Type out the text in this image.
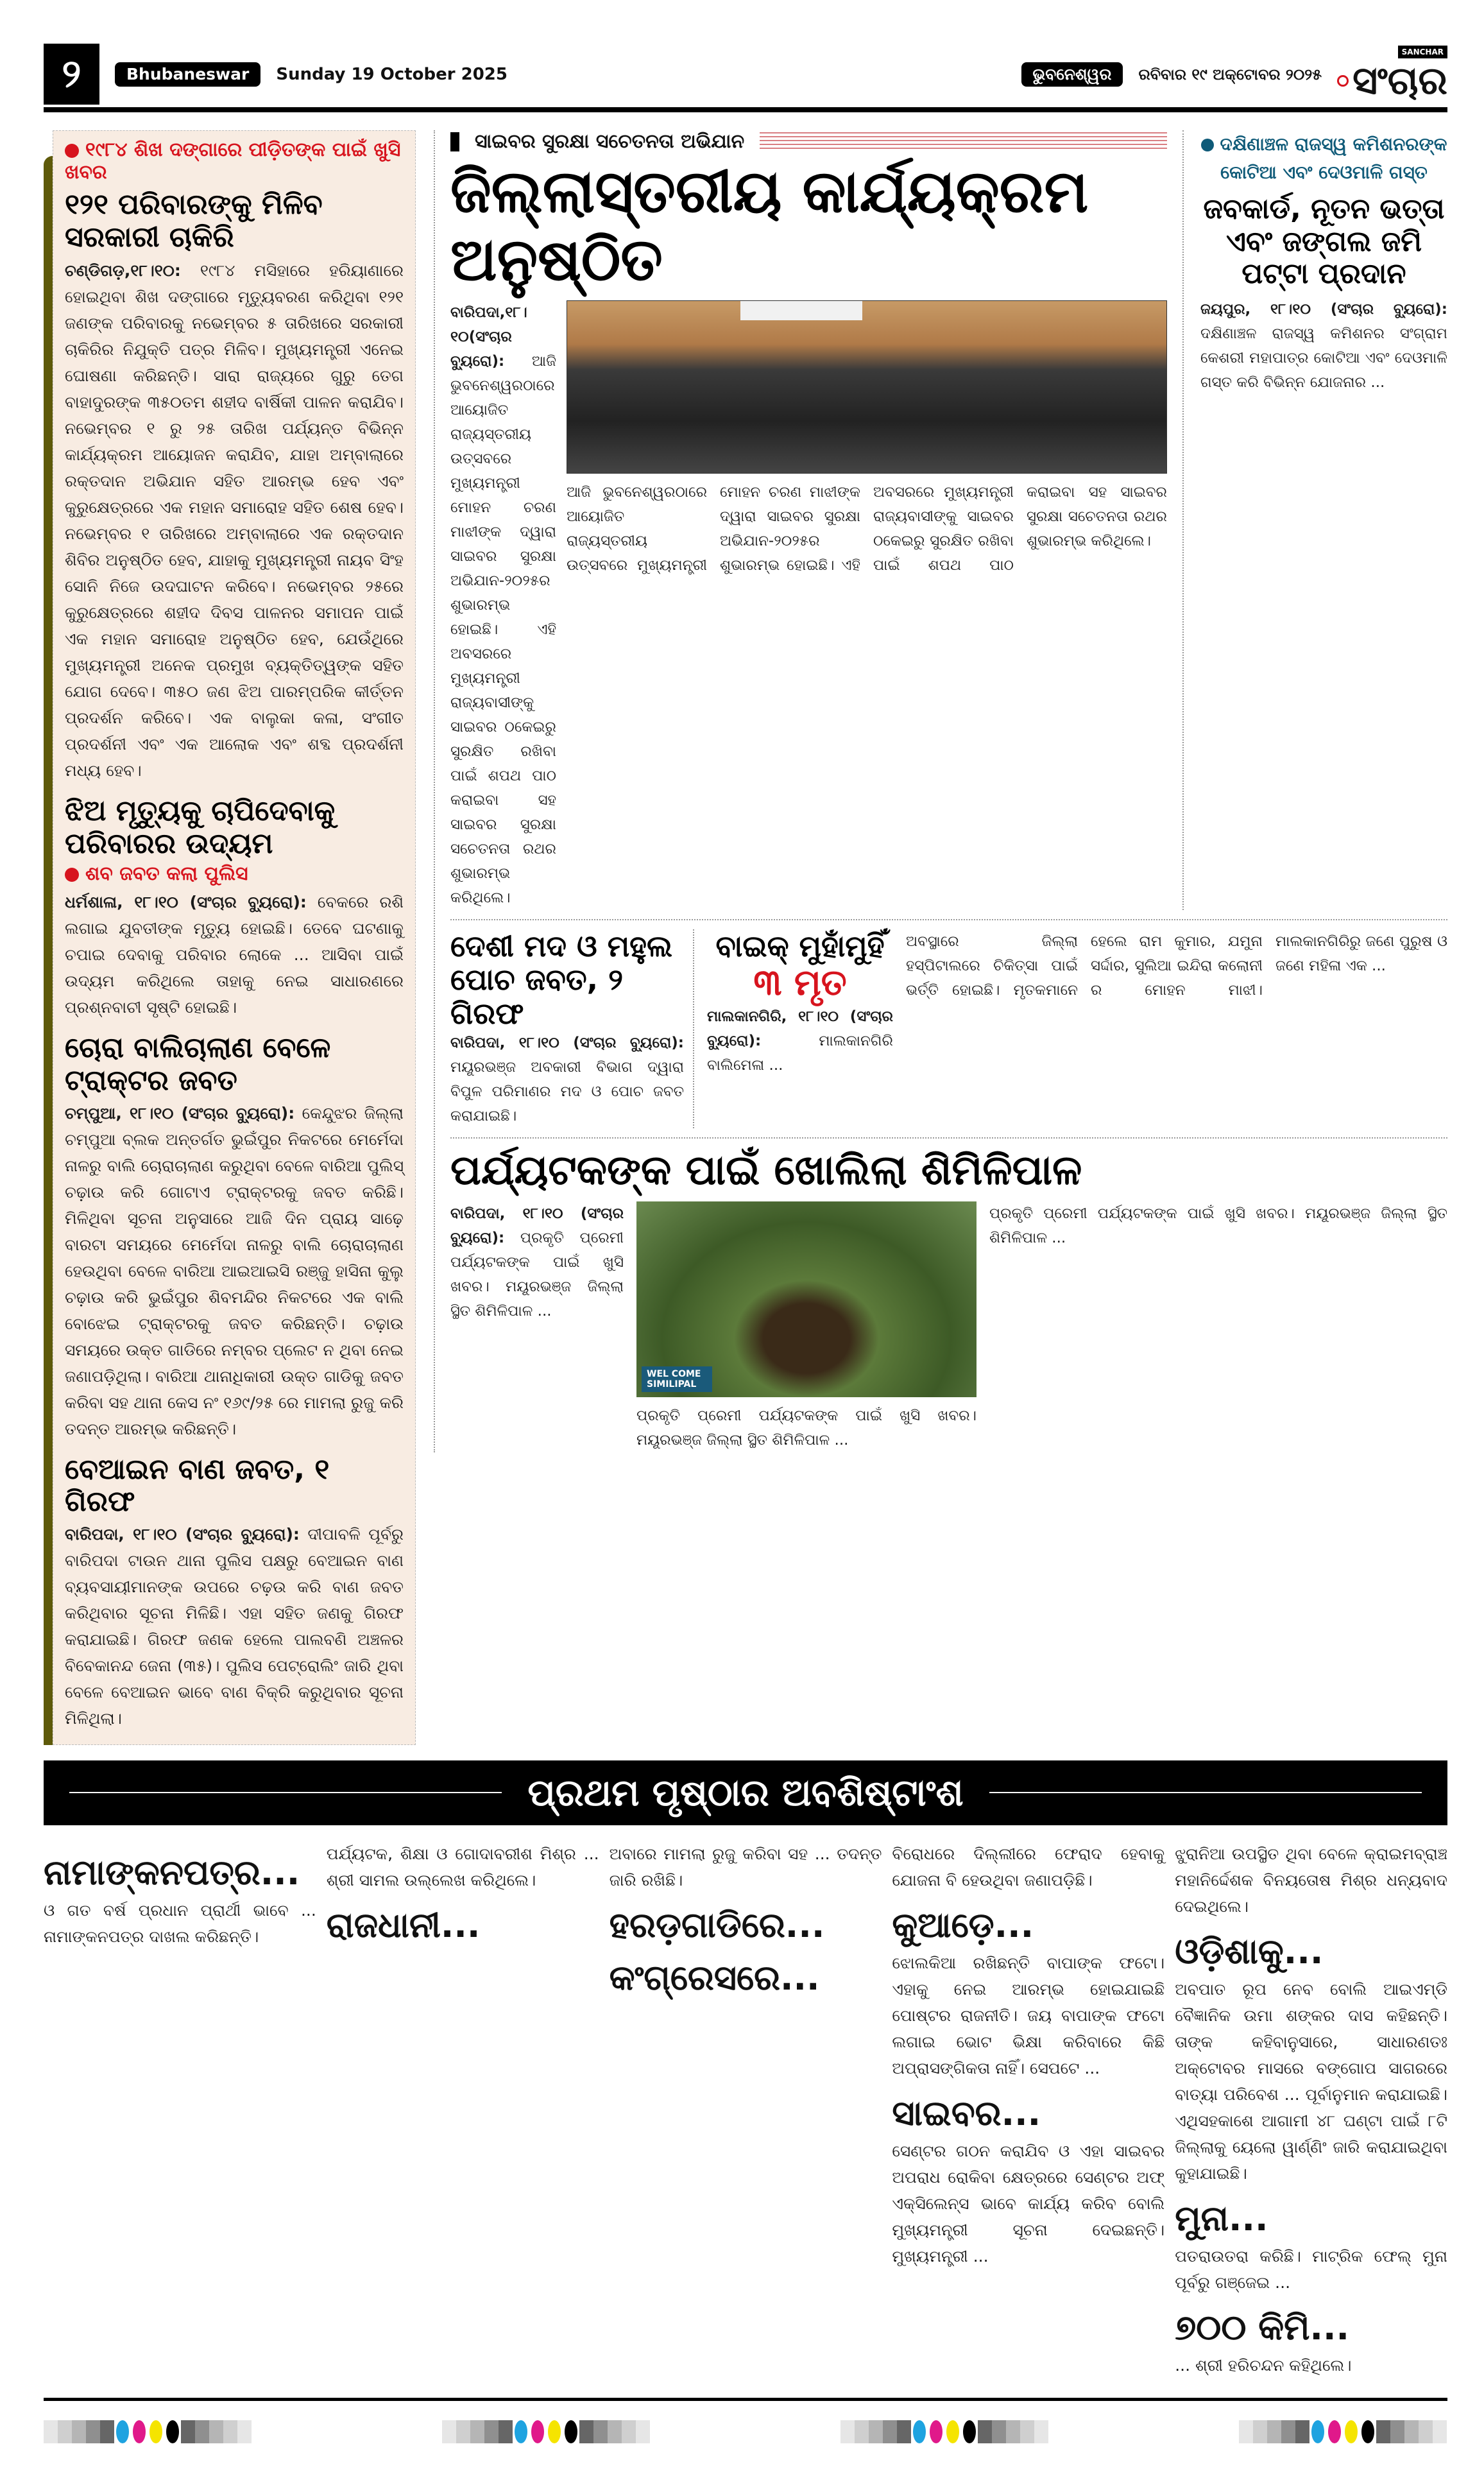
୨	Bhubaneswar	Sunday 19 October 2025	ଭୁବନେଶ୍ୱର	ରବିବାର ୧୯ ଅକ୍ଟୋବର ୨୦୨୫
SANCHAR
ସଂଚାର
୧୯୮୪ ଶିଖ ଦଙ୍ଗାରେ ପୀଡ଼ିତଙ୍କ ପାଇଁ ଖୁସି ଖବର
୧୨୧ ପରିବାରଙ୍କୁ ମିଳିବ ସରକାରୀ ଚାକିରି

ଚଣ୍ଡିଗଡ଼,୧୮।୧୦: ୧୯୮୪ ମସିହାରେ ହରିୟାଣାରେ ହୋଇଥିବା ଶିଖ ଦଙ୍ଗାରେ ମୃତ୍ୟୁବରଣ କରିଥିବା ୧୨୧ ଜଣଙ୍କ ପରିବାରକୁ ନଭେମ୍ବର ୫ ତାରିଖରେ ସରକାରୀ ଚାକିରିର ନିଯୁକ୍ତି ପତ୍ର ମିଳିବ। ମୁଖ୍ୟମନ୍ତ୍ରୀ ଏନେଇ ଘୋଷଣା କରିଛନ୍ତି। ସାରା ରାଜ୍ୟରେ ଗୁରୁ ତେଗ ବାହାଦୁରଙ୍କ ୩୫୦ତମ ଶହୀଦ ବାର୍ଷିକୀ ପାଳନ କରାଯିବ। ନଭେମ୍ବର ୧ ରୁ ୨୫ ତାରିଖ ପର୍ଯ୍ୟନ୍ତ ବିଭିନ୍ନ କାର୍ଯ୍ୟକ୍ରମ ଆୟୋଜନ କରାଯିବ, ଯାହା ଅମ୍ବାଲାରେ ରକ୍ତଦାନ ଅଭିଯାନ ସହିତ ଆରମ୍ଭ ହେବ ଏବଂ କୁରୁକ୍ଷେତ୍ରରେ ଏକ ମହାନ ସମାରୋହ ସହିତ ଶେଷ ହେବ। ନଭେମ୍ବର ୧ ତାରିଖରେ ଅମ୍ବାଲାରେ ଏକ ରକ୍ତଦାନ ଶିବିର ଅନୁଷ୍ଠିତ ହେବ, ଯାହାକୁ ମୁଖ୍ୟମନ୍ତ୍ରୀ ନାୟବ ସିଂହ ସୋନି ନିଜେ ଉଦଘାଟନ କରିବେ। ନଭେମ୍ବର ୨୫ରେ କୁରୁକ୍ଷେତ୍ରରେ ଶହୀଦ ଦିବସ ପାଳନର ସମାପନ ପାଇଁ ଏକ ମହାନ ସମାରୋହ ଅନୁଷ୍ଠିତ ହେବ, ଯେଉଁଥିରେ ମୁଖ୍ୟମନ୍ତ୍ରୀ ଅନେକ ପ୍ରମୁଖ ବ୍ୟକ୍ତିତ୍ୱଙ୍କ ସହିତ ଯୋଗ ଦେବେ। ୩୫୦ ଜଣ ଝିଅ ପାରମ୍ପରିକ କୀର୍ତ୍ତନ ପ୍ରଦର୍ଶନ କରିବେ। ଏକ ବାଲୁକା କଳା, ସଂଗୀତ ପ୍ରଦର୍ଶନୀ ଏବଂ ଏକ ଆଲୋକ ଏବଂ ଶବ୍ଦ ପ୍ରଦର୍ଶନୀ ମଧ୍ୟ ହେବ।

ଝିଅ ମୃତ୍ୟୁକୁ ଚାପିଦେବାକୁ ପରିବାରର ଉଦ୍ୟମ
ଶବ ଜବତ କଲା ପୁଲିସ

ଧର୍ମଶାଳା, ୧୮।୧୦ (ସଂଚାର ବ୍ୟୁରୋ): ବେକରେ ରଶି ଲଗାଇ ଯୁବତୀଙ୍କ ମୃତ୍ୟୁ ହୋଇଛି। ତେବେ ଘଟଣାକୁ ଚପାଇ ଦେବାକୁ ପରିବାର ଲୋକେ ... ଆସିବା ପାଇଁ ଉଦ୍ୟମ କରିଥିଲେ ତାହାକୁ ନେଇ ସାଧାରଣରେ ପ୍ରଶ୍ନବାଚୀ ସୃଷ୍ଟି ହୋଇଛି।

ଚୋରା ବାଲିଚାଲାଣ ବେଳେ ଟ୍ରାକ୍ଟର ଜବତ

ଚମ୍ପୁଆ, ୧୮।୧୦ (ସଂଚାର ବ୍ୟୁରୋ): କେନ୍ଦୁଝର ଜିଲ୍ଲା ଚମ୍ପୁଆ ବ୍ଲକ ଅନ୍ତର୍ଗତ ଭୁଇଁପୁର ନିକଟରେ ମେର୍ମେଦା ନାଳରୁ ବାଲି ଚୋରାଚାଲାଣ କରୁଥିବା ବେଳେ ବାରିଆ ପୁଲିସ୍ ଚଢ଼ାଉ କରି ଗୋଟାଏ ଟ୍ରାକ୍ଟରକୁ ଜବତ କରିଛି। ମିଳିଥିବା ସୂଚନା ଅନୁସାରେ ଆଜି ଦିନ ପ୍ରାୟ ସାଢ଼େ ବାରଟା ସମୟରେ ମେର୍ମେଦା ନାଳରୁ ବାଲି ଚୋରାଚାଲାଣ ହେଉଥିବା ବେଳେ ବାରିଆ ଆଇଆଇସି ରଞ୍ଜୁ ହାସିନା କୁଲୁ ଚଢ଼ାଉ କରି ଭୁଇଁପୁର ଶିବମନ୍ଦିର ନିକଟରେ ଏକ ବାଲି ବୋଝେଇ ଟ୍ରାକ୍ଟରକୁ ଜବତ କରିଛନ୍ତି। ଚଢ଼ାଉ ସମୟରେ ଉକ୍ତ ଗାଡିରେ ନମ୍ବର ପ୍ଲେଟ ନ ଥିବା ନେଇ ଜଣାପଡ଼ିଥିଲା। ବାରିଆ ଥାନାଧିକାରୀ ଉକ୍ତ ଗାଡିକୁ ଜବତ କରିବା ସହ ଥାନା କେସ ନଂ ୧୬୯/୨୫ ରେ ମାମଲା ରୁଜୁ କରି ତଦନ୍ତ ଆରମ୍ଭ କରିଛନ୍ତି।

ବେଆଇନ ବାଣ ଜବତ, ୧ ଗିରଫ

ବାରିପଦା, ୧୮।୧୦ (ସଂଚାର ବ୍ୟୁରୋ): ଦୀପାବଳି ପୂର୍ବରୁ ବାରିପଦା ଟାଉନ ଥାନା ପୁଲିସ ପକ୍ଷରୁ ବେଆଇନ ବାଣ ବ୍ୟବସାୟୀମାନଙ୍କ ଉପରେ ଚଢ଼ଉ କରି ବାଣ ଜବତ କରିଥିବାର ସୂଚନା ମିଳିଛି। ଏହା ସହିତ ଜଣକୁ ଗିରଫ କରାଯାଇଛି। ଗିରଫ ଜଣକ ହେଲେ ପାଲବଣି ଅଞ୍ଚଳର ବିବେକାନନ୍ଦ ଜେନା (୩୫)। ପୁଲିସ ପେଟ୍ରୋଲିଂ ଜାରି ଥିବା ବେଳେ ବେଆଇନ ଭାବେ ବାଣ ବିକ୍ରି କରୁଥିବାର ସୂଚନା ମିଳିଥିଲା।

ସାଇବର ସୁରକ୍ଷା ସଚେତନତା ଅଭିଯାନ
ଜିଲ୍ଲାସ୍ତରୀୟ କାର୍ଯ୍ୟକ୍ରମ ଅନୁଷ୍ଠିତ

ବାରିପଦା,୧୮।୧୦(ସଂଚାର ବ୍ୟୁରୋ): ଆଜି ଭୁବନେଶ୍ୱରଠାରେ ଆୟୋଜିତ ରାଜ୍ୟସ୍ତରୀୟ ଉତ୍ସବରେ ମୁଖ୍ୟମନ୍ତ୍ରୀ ମୋହନ ଚରଣ ମାଝୀଙ୍କ ଦ୍ୱାରା ସାଇବର ସୁରକ୍ଷା ଅଭିଯାନ-୨୦୨୫ର ଶୁଭାରମ୍ଭ ହୋଇଛି। ଏହି ଅବସରରେ ମୁଖ୍ୟମନ୍ତ୍ରୀ ରାଜ୍ୟବାସୀଙ୍କୁ ସାଇବର ଠକେଇରୁ ସୁରକ୍ଷିତ ରଖିବା ପାଇଁ ଶପଥ ପାଠ କରାଇବା ସହ ସାଇବର ସୁରକ୍ଷା ସଚେତନତା ରଥର ଶୁଭାରମ୍ଭ କରିଥିଲେ।

ଆଜି ଭୁବନେଶ୍ୱରଠାରେ ଆୟୋଜିତ ରାଜ୍ୟସ୍ତରୀୟ ଉତ୍ସବରେ ମୁଖ୍ୟମନ୍ତ୍ରୀ ମୋହନ ଚରଣ ମାଝୀଙ୍କ ଦ୍ୱାରା ସାଇବର ସୁରକ୍ଷା ଅଭିଯାନ-୨୦୨୫ର ଶୁଭାରମ୍ଭ ହୋଇଛି। ଏହି ଅବସରରେ ମୁଖ୍ୟମନ୍ତ୍ରୀ ରାଜ୍ୟବାସୀଙ୍କୁ ସାଇବର ଠକେଇରୁ ସୁରକ୍ଷିତ ରଖିବା ପାଇଁ ଶପଥ ପାଠ କରାଇବା ସହ ସାଇବର ସୁରକ୍ଷା ସଚେତନତା ରଥର ଶୁଭାରମ୍ଭ କରିଥିଲେ।

ଦକ୍ଷିଣାଞ୍ଚଳ ରାଜସ୍ୱ କମିଶନରଙ୍କ କୋଟିଆ ଏବଂ ଦେଓମାଳି ଗସ୍ତ
ଜବକାର୍ଡ, ନୂତନ ଭତ୍ତା ଏବଂ ଜଙ୍ଗଲ ଜମି ପଟ୍ଟା ପ୍ରଦାନ

ଜୟପୁର, ୧୮।୧୦ (ସଂଚାର ବ୍ୟୁରୋ): ଦକ୍ଷିଣାଞ୍ଚଳ ରାଜସ୍ୱ କମିଶନର ସଂଗ୍ରାମ କେଶରୀ ମହାପାତ୍ର କୋଟିଆ ଏବଂ ଦେଓମାଳି ଗସ୍ତ କରି ବିଭିନ୍ନ ଯୋଜନାର ...

ଦେଶୀ ମଦ ଓ ମହୁଲ ପୋଚ ଜବତ, ୨ ଗିରଫ

ବାରିପଦା, ୧୮।୧୦ (ସଂଚାର ବ୍ୟୁରୋ): ମୟୂରଭଞ୍ଜ ଅବକାରୀ ବିଭାଗ ଦ୍ୱାରା ବିପୁଳ ପରିମାଣର ମଦ ଓ ପୋଚ ଜବତ କରାଯାଇଛି।

ବାଇକ୍ ମୁହାଁମୁହିଁ
୩ ମୃତ

ମାଲକାନଗିରି, ୧୮।୧୦ (ସଂଚାର ବ୍ୟୁରୋ):	ମାଲକାନଗିରି ବାଲିମେଳା ...

ଅବସ୍ଥାରେ ଜିଲ୍ଲା ହସ୍ପିଟାଲରେ ଚିକିତ୍ସା ପାଇଁ ଭର୍ତ୍ତି ହୋଇଛି। ମୃତକମାନେ ହେଲେ ରାମ କୁମାର, ଯମୁନା ସର୍ଦ୍ଦାର, ସୁଲିଆ ଇନ୍ଦିରା କଲୋନୀ ର ମୋହନ ମାଝୀ। ମାଲକାନଗିରିରୁ ଜଣେ ପୁରୁଷ ଓ ଜଣେ ମହିଳା ଏକ ...

ପର୍ଯ୍ୟଟକଙ୍କ ପାଇଁ ଖୋଲିଲା ଶିମିଳିପାଳ

ବାରିପଦା, ୧୮।୧୦ (ସଂଚାର ବ୍ୟୁରୋ): ପ୍ରକୃତି ପ୍ରେମୀ ପର୍ଯ୍ୟଟକଙ୍କ ପାଇଁ ଖୁସି ଖବର। ମୟୂରଭଞ୍ଜ ଜିଲ୍ଲା ସ୍ଥିତ ଶିମିଳିପାଳ ...

WEL COME SIMILIPAL

ପ୍ରକୃତି ପ୍ରେମୀ ପର୍ଯ୍ୟଟକଙ୍କ ପାଇଁ ଖୁସି ଖବର। ମୟୂରଭଞ୍ଜ ଜିଲ୍ଲା ସ୍ଥିତ ଶିମିଳିପାଳ ...

ପ୍ରକୃତି ପ୍ରେମୀ ପର୍ଯ୍ୟଟକଙ୍କ ପାଇଁ ଖୁସି ଖବର। ମୟୂରଭଞ୍ଜ ଜିଲ୍ଲା ସ୍ଥିତ ଶିମିଳିପାଳ ...

ପ୍ରଥମ ପୃଷ୍ଠାର ଅବଶିଷ୍ଟାଂଶ
ନାମାଙ୍କନପତ୍ର...

ଓ ଗତ ବର୍ଷ ପ୍ରଧାନ ପ୍ରାର୍ଥୀ ଭାବେ ... ନାମାଙ୍କନପତ୍ର ଦାଖଲ କରିଛନ୍ତି।

ପର୍ଯ୍ୟଟକ, ଶିକ୍ଷା ଓ ଗୋଦାବରୀଶ ମିଶ୍ର ... ଶ୍ରୀ ସାମଲ ଉଲ୍ଲେଖ କରିଥିଲେ।

ରାଜଧାନୀ...

ଅବାରେ ମାମଲା ରୁଜୁ କରିବା ସହ ... ତଦନ୍ତ ଜାରି ରଖିଛି।

ହରଡ଼ଗାଡିରେ...
କଂଗ୍ରେସରେ...

ବିରୋଧରେ ଦିଲ୍ଲୀରେ ଫେରାଦ ହେବାକୁ ଯୋଜନା ବି ହେଉଥିବା ଜଣାପଡ଼ିଛି।

କୁଆଡ଼େ...

ଝୋଲକିଆ ରଖିଛନ୍ତି ବାପାଙ୍କ ଫଟୋ। ଏହାକୁ ନେଇ ଆରମ୍ଭ ହୋଇଯାଇଛି ପୋଷ୍ଟର ରାଜନୀତି। ଜୟ ବାପାଙ୍କ ଫଟୋ ଲଗାଇ ଭୋଟ ଭିକ୍ଷା କରିବାରେ କିଛି ଅପ୍ରାସଙ୍ଗିକତା ନାହିଁ। ସେପଟେ ...

ସାଇବର...

ସେଣ୍ଟର ଗଠନ କରାଯିବ ଓ ଏହା ସାଇବର ଅପରାଧ ରୋକିବା କ୍ଷେତ୍ରରେ ସେଣ୍ଟର ଅଫ୍ ଏକ୍ସିଲେନ୍ସ ଭାବେ କାର୍ଯ୍ୟ କରିବ ବୋଲି ମୁଖ୍ୟମନ୍ତ୍ରୀ ସୂଚନା ଦେଇଛନ୍ତି। ମୁଖ୍ୟମନ୍ତ୍ରୀ ...

ଝୁରାନିଆ ଉପସ୍ଥିତ ଥିବା ବେଳେ କ୍ରାଇମବ୍ରାଞ୍ଚ ମହାନିର୍ଦ୍ଦେଶକ ବିନୟତୋଷ ମିଶ୍ର ଧନ୍ୟବାଦ ଦେଇଥିଲେ।

ଓଡ଼ିଶାକୁ...

ଅବପାତ ରୂପ ନେବ ବୋଲି ଆଇଏମ୍ଡି ବୈଜ୍ଞାନିକ ଉମା ଶଙ୍କର ଦାସ କହିଛନ୍ତି। ତାଙ୍କ କହିବାନୁସାରେ, ସାଧାରଣତଃ ଅକ୍ଟୋବର ମାସରେ ବଙ୍ଗୋପ ସାଗରରେ ବାତ୍ୟା ପରିବେଶ ... ପୂର୍ବାନୁମାନ କରାଯାଇଛି। ଏଥିସହକାଶେ ଆଗାମୀ ୪୮ ଘଣ୍ଟା ପାଇଁ ୮ଟି ଜିଲ୍ଲାକୁ ୟେଲୋ ୱାର୍ଣ୍ଣିଂ ଜାରି କରାଯାଇଥିବା କୁହାଯାଇଛି।

ମୁନା...

ପତରାଉତରା କରିଛି। ମାଟ୍ରିକ ଫେଲ୍ ମୁନା ପୂର୍ବରୁ ଗଞ୍ଜେଇ ...

୭୦୦ କିମି...

... ଶ୍ରୀ ହରିଚନ୍ଦନ କହିଥିଲେ।
